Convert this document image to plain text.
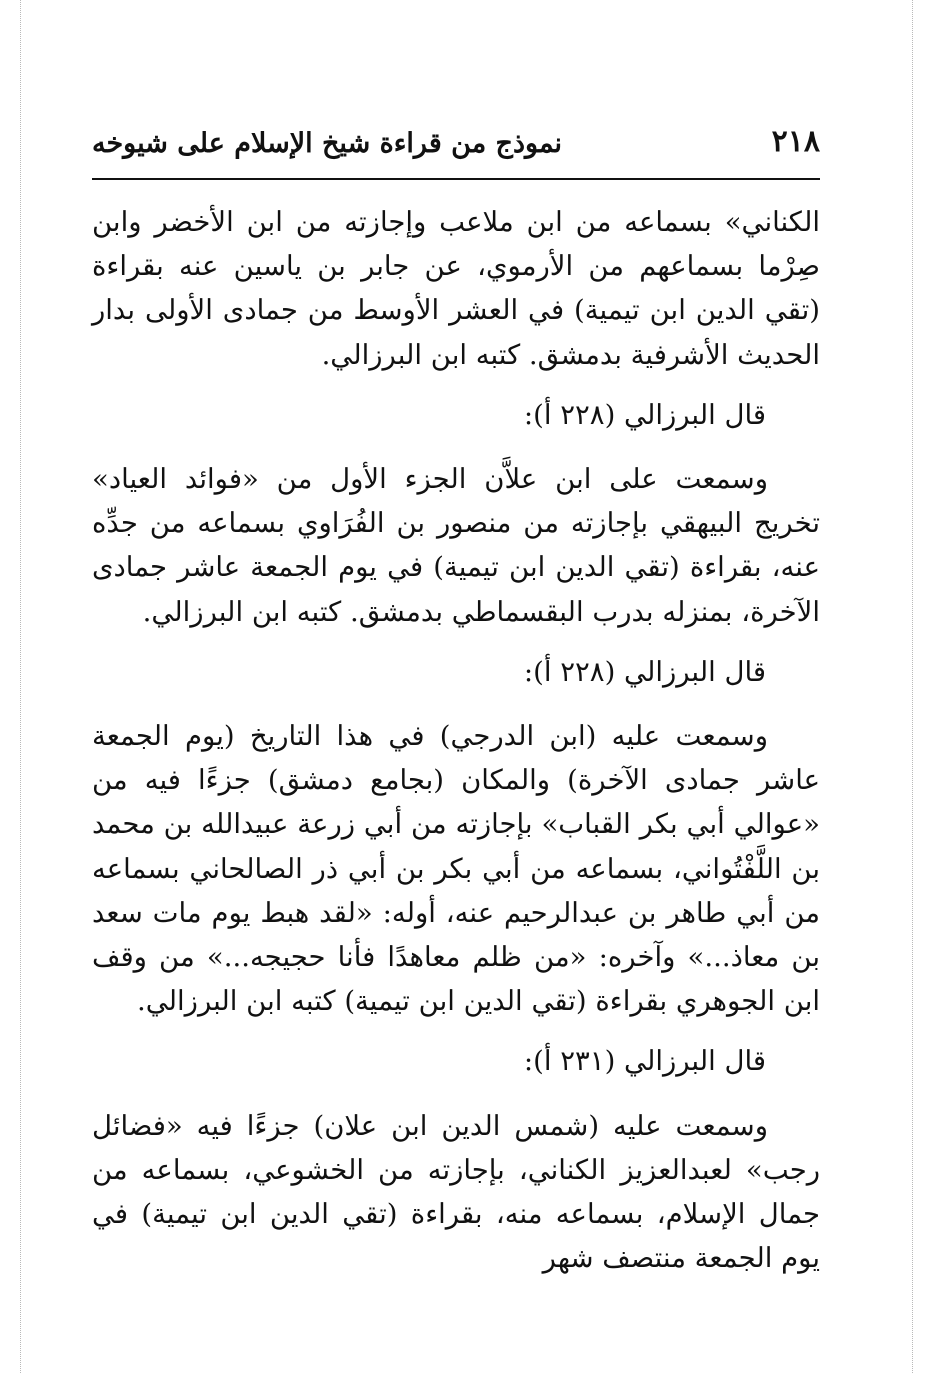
٢١٨
نموذج من قراءة شيخ الإسلام على شيوخه

الكناني» بسماعه من ابن ملاعب وإجازته من ابن الأخضر وابن صِرْما بسماعهم من الأرموي، عن جابر بن ياسين عنه بقراءة (تقي الدين ابن تيمية) في العشر الأوسط من جمادى الأولى بدار الحديث الأشرفية بدمشق. كتبه ابن البرزالي.

قال البرزالي (٢٢٨ أ):

وسمعت على ابن علاَّن الجزء الأول من «فوائد العياد» تخريج البيهقي بإجازته من منصور بن الفُرَاوي بسماعه من جدِّه عنه، بقراءة (تقي الدين ابن تيمية) في يوم الجمعة عاشر جمادى الآخرة، بمنزله بدرب البقسماطي بدمشق. كتبه ابن البرزالي.

قال البرزالي (٢٢٨ أ):

وسمعت عليه (ابن الدرجي) في هذا التاريخ (يوم الجمعة عاشر جمادى الآخرة) والمكان (بجامع دمشق) جزءًا فيه من «عوالي أبي بكر القباب» بإجازته من أبي زرعة عبيدالله بن محمد بن اللَّفْتُواني، بسماعه من أبي بكر بن أبي ذر الصالحاني بسماعه من أبي طاهر بن عبدالرحيم عنه، أوله: «لقد هبط يوم مات سعد بن معاذ...» وآخره: «من ظلم معاهدًا فأنا حجيجه...» من وقف ابن الجوهري بقراءة (تقي الدين ابن تيمية) كتبه ابن البرزالي.

قال البرزالي (٢٣١ أ):

وسمعت عليه (شمس الدين ابن علان) جزءًا فيه «فضائل رجب» لعبدالعزيز الكناني، بإجازته من الخشوعي، بسماعه من جمال الإسلام، بسماعه منه، بقراءة (تقي الدين ابن تيمية) في يوم الجمعة منتصف شهر
